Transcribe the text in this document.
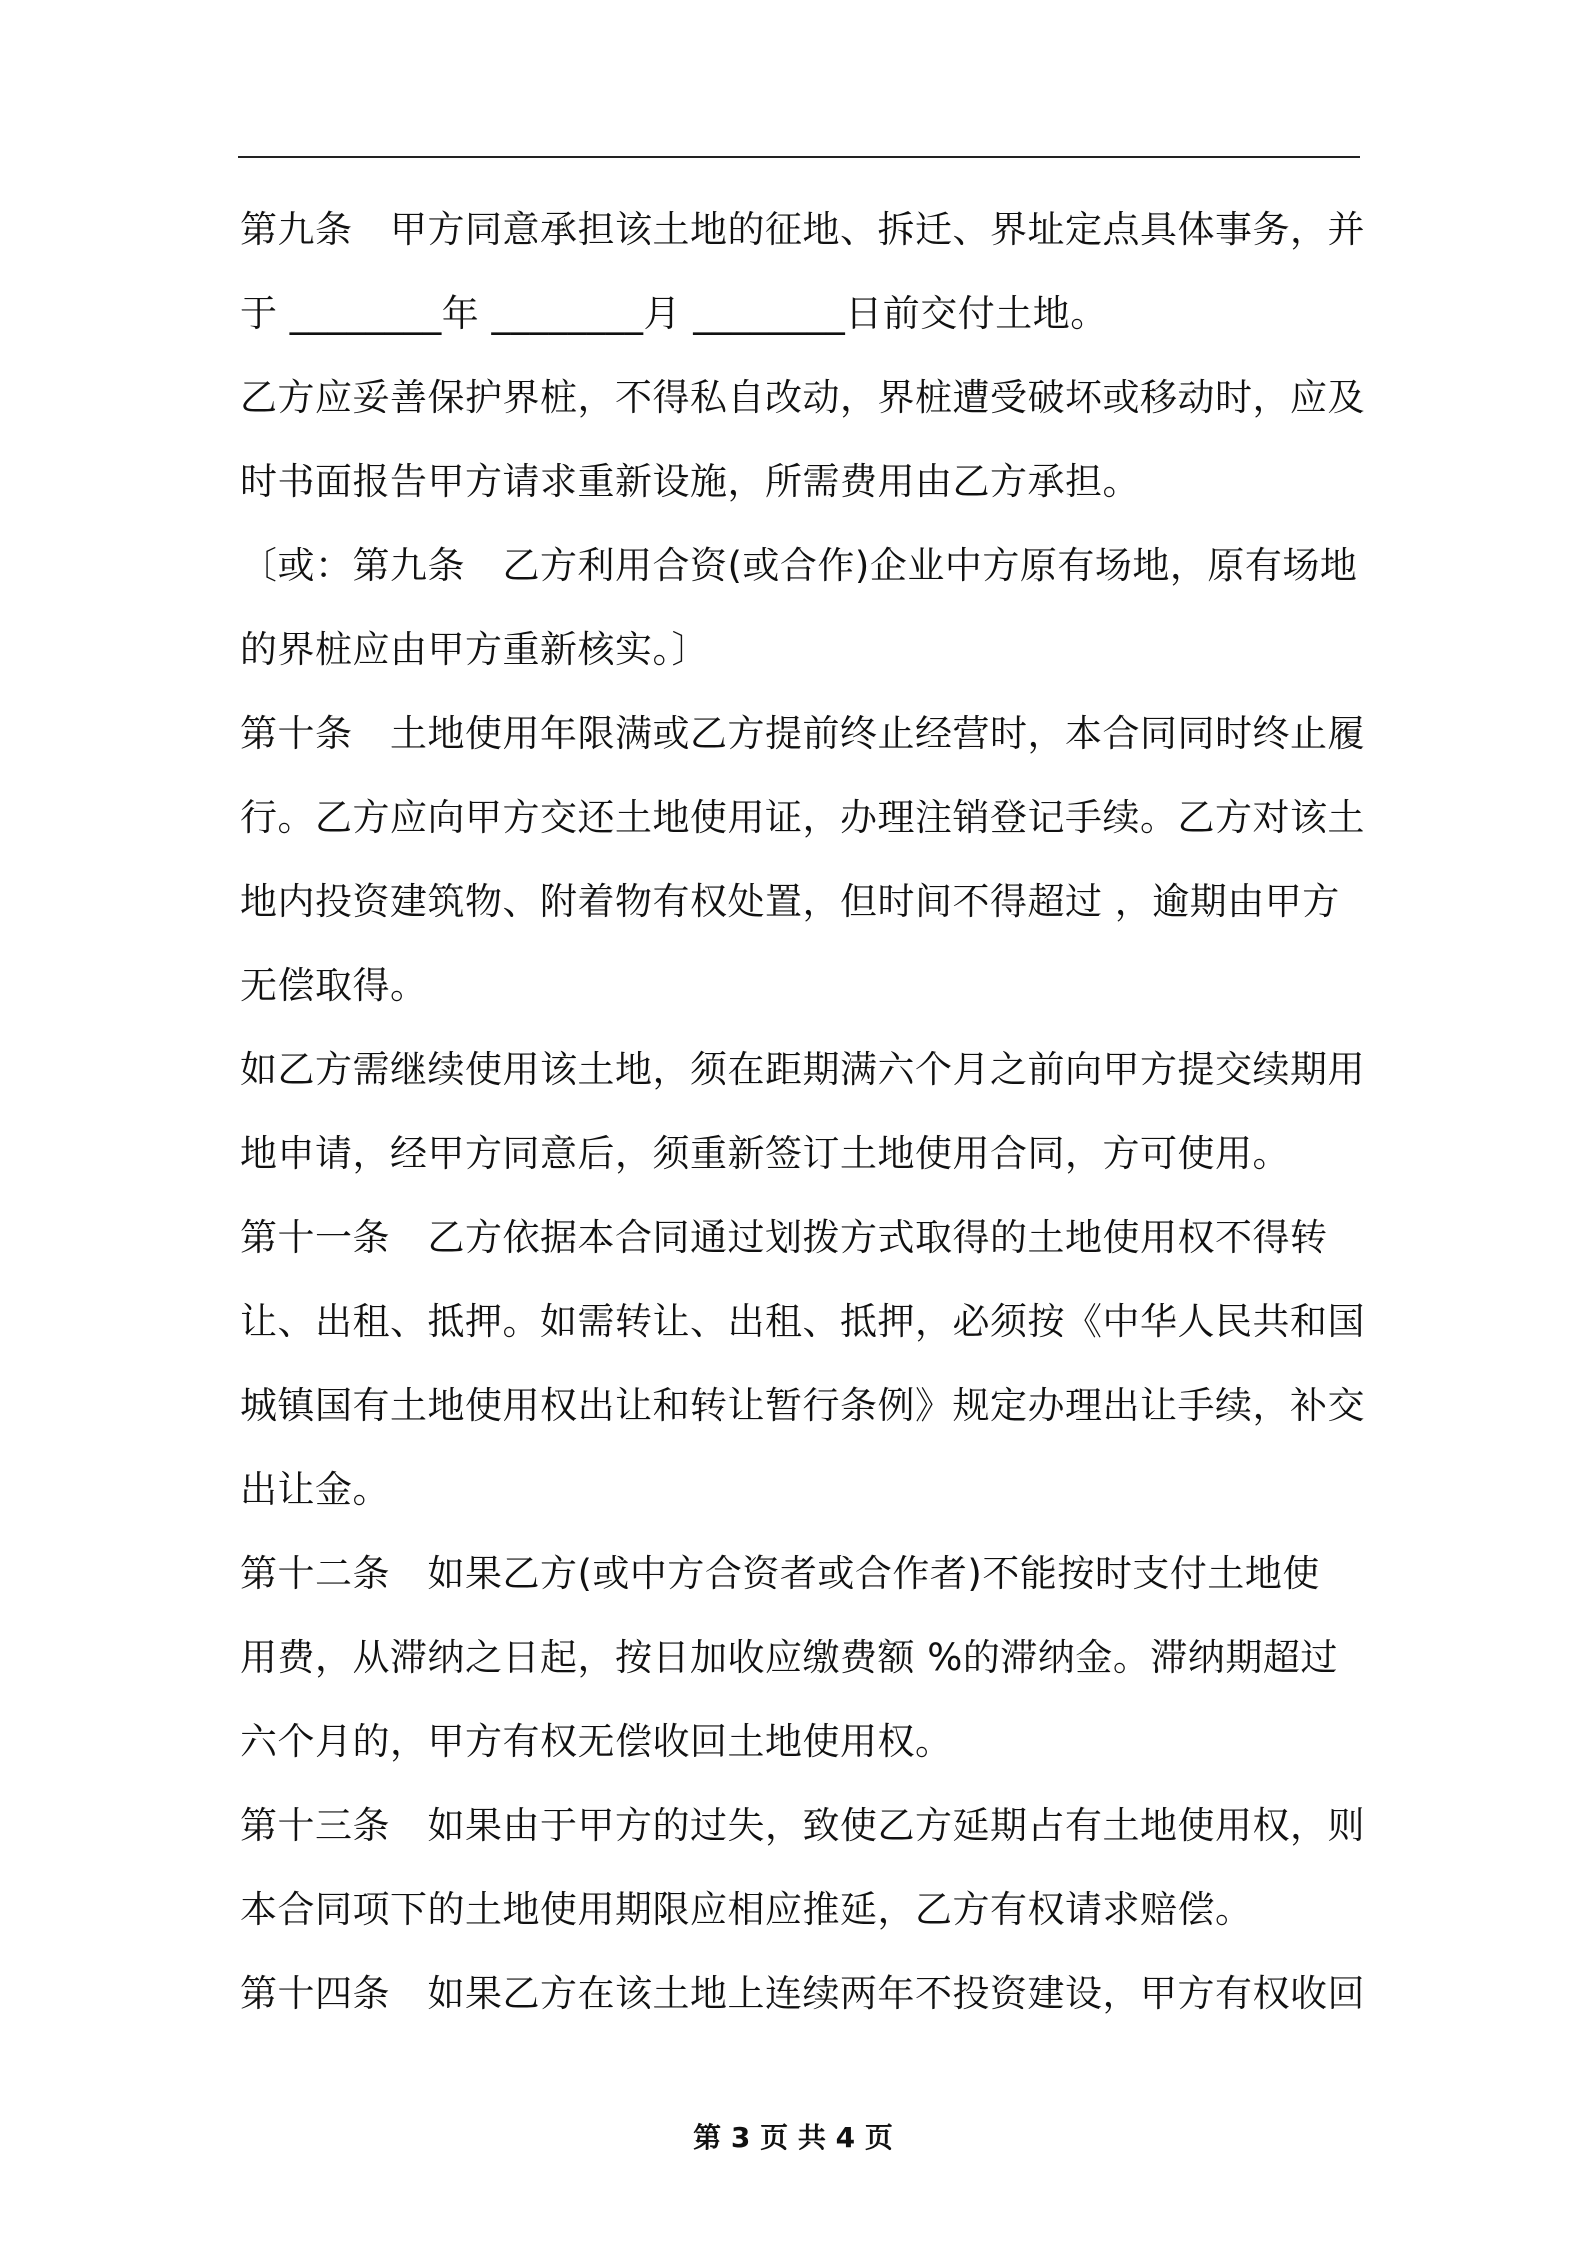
第九条　甲方同意承担该土地的征地、拆迁、界址定点具体事务，并
于 ________年 ________月 ________日前交付土地。
乙方应妥善保护界桩，不得私自改动，界桩遭受破坏或移动时，应及
时书面报告甲方请求重新设施，所需费用由乙方承担。
〔或：第九条　乙方利用合资(或合作)企业中方原有场地，原有场地
的界桩应由甲方重新核实。〕
第十条　土地使用年限满或乙方提前终止经营时，本合同同时终止履
行。乙方应向甲方交还土地使用证，办理注销登记手续。乙方对该土
地内投资建筑物、附着物有权处置，但时间不得超过 ，逾期由甲方
无偿取得。
如乙方需继续使用该土地，须在距期满六个月之前向甲方提交续期用
地申请，经甲方同意后，须重新签订土地使用合同，方可使用。
第十一条　乙方依据本合同通过划拨方式取得的土地使用权不得转
让、出租、抵押。如需转让、出租、抵押，必须按《中华人民共和国
城镇国有土地使用权出让和转让暂行条例》规定办理出让手续，补交
出让金。
第十二条　如果乙方(或中方合资者或合作者)不能按时支付土地使
用费，从滞纳之日起，按日加收应缴费额 %的滞纳金。滞纳期超过
六个月的，甲方有权无偿收回土地使用权。
第十三条　如果由于甲方的过失，致使乙方延期占有土地使用权，则
本合同项下的土地使用期限应相应推延，乙方有权请求赔偿。
第十四条　如果乙方在该土地上连续两年不投资建设，甲方有权收回
第 3 页 共 4 页
